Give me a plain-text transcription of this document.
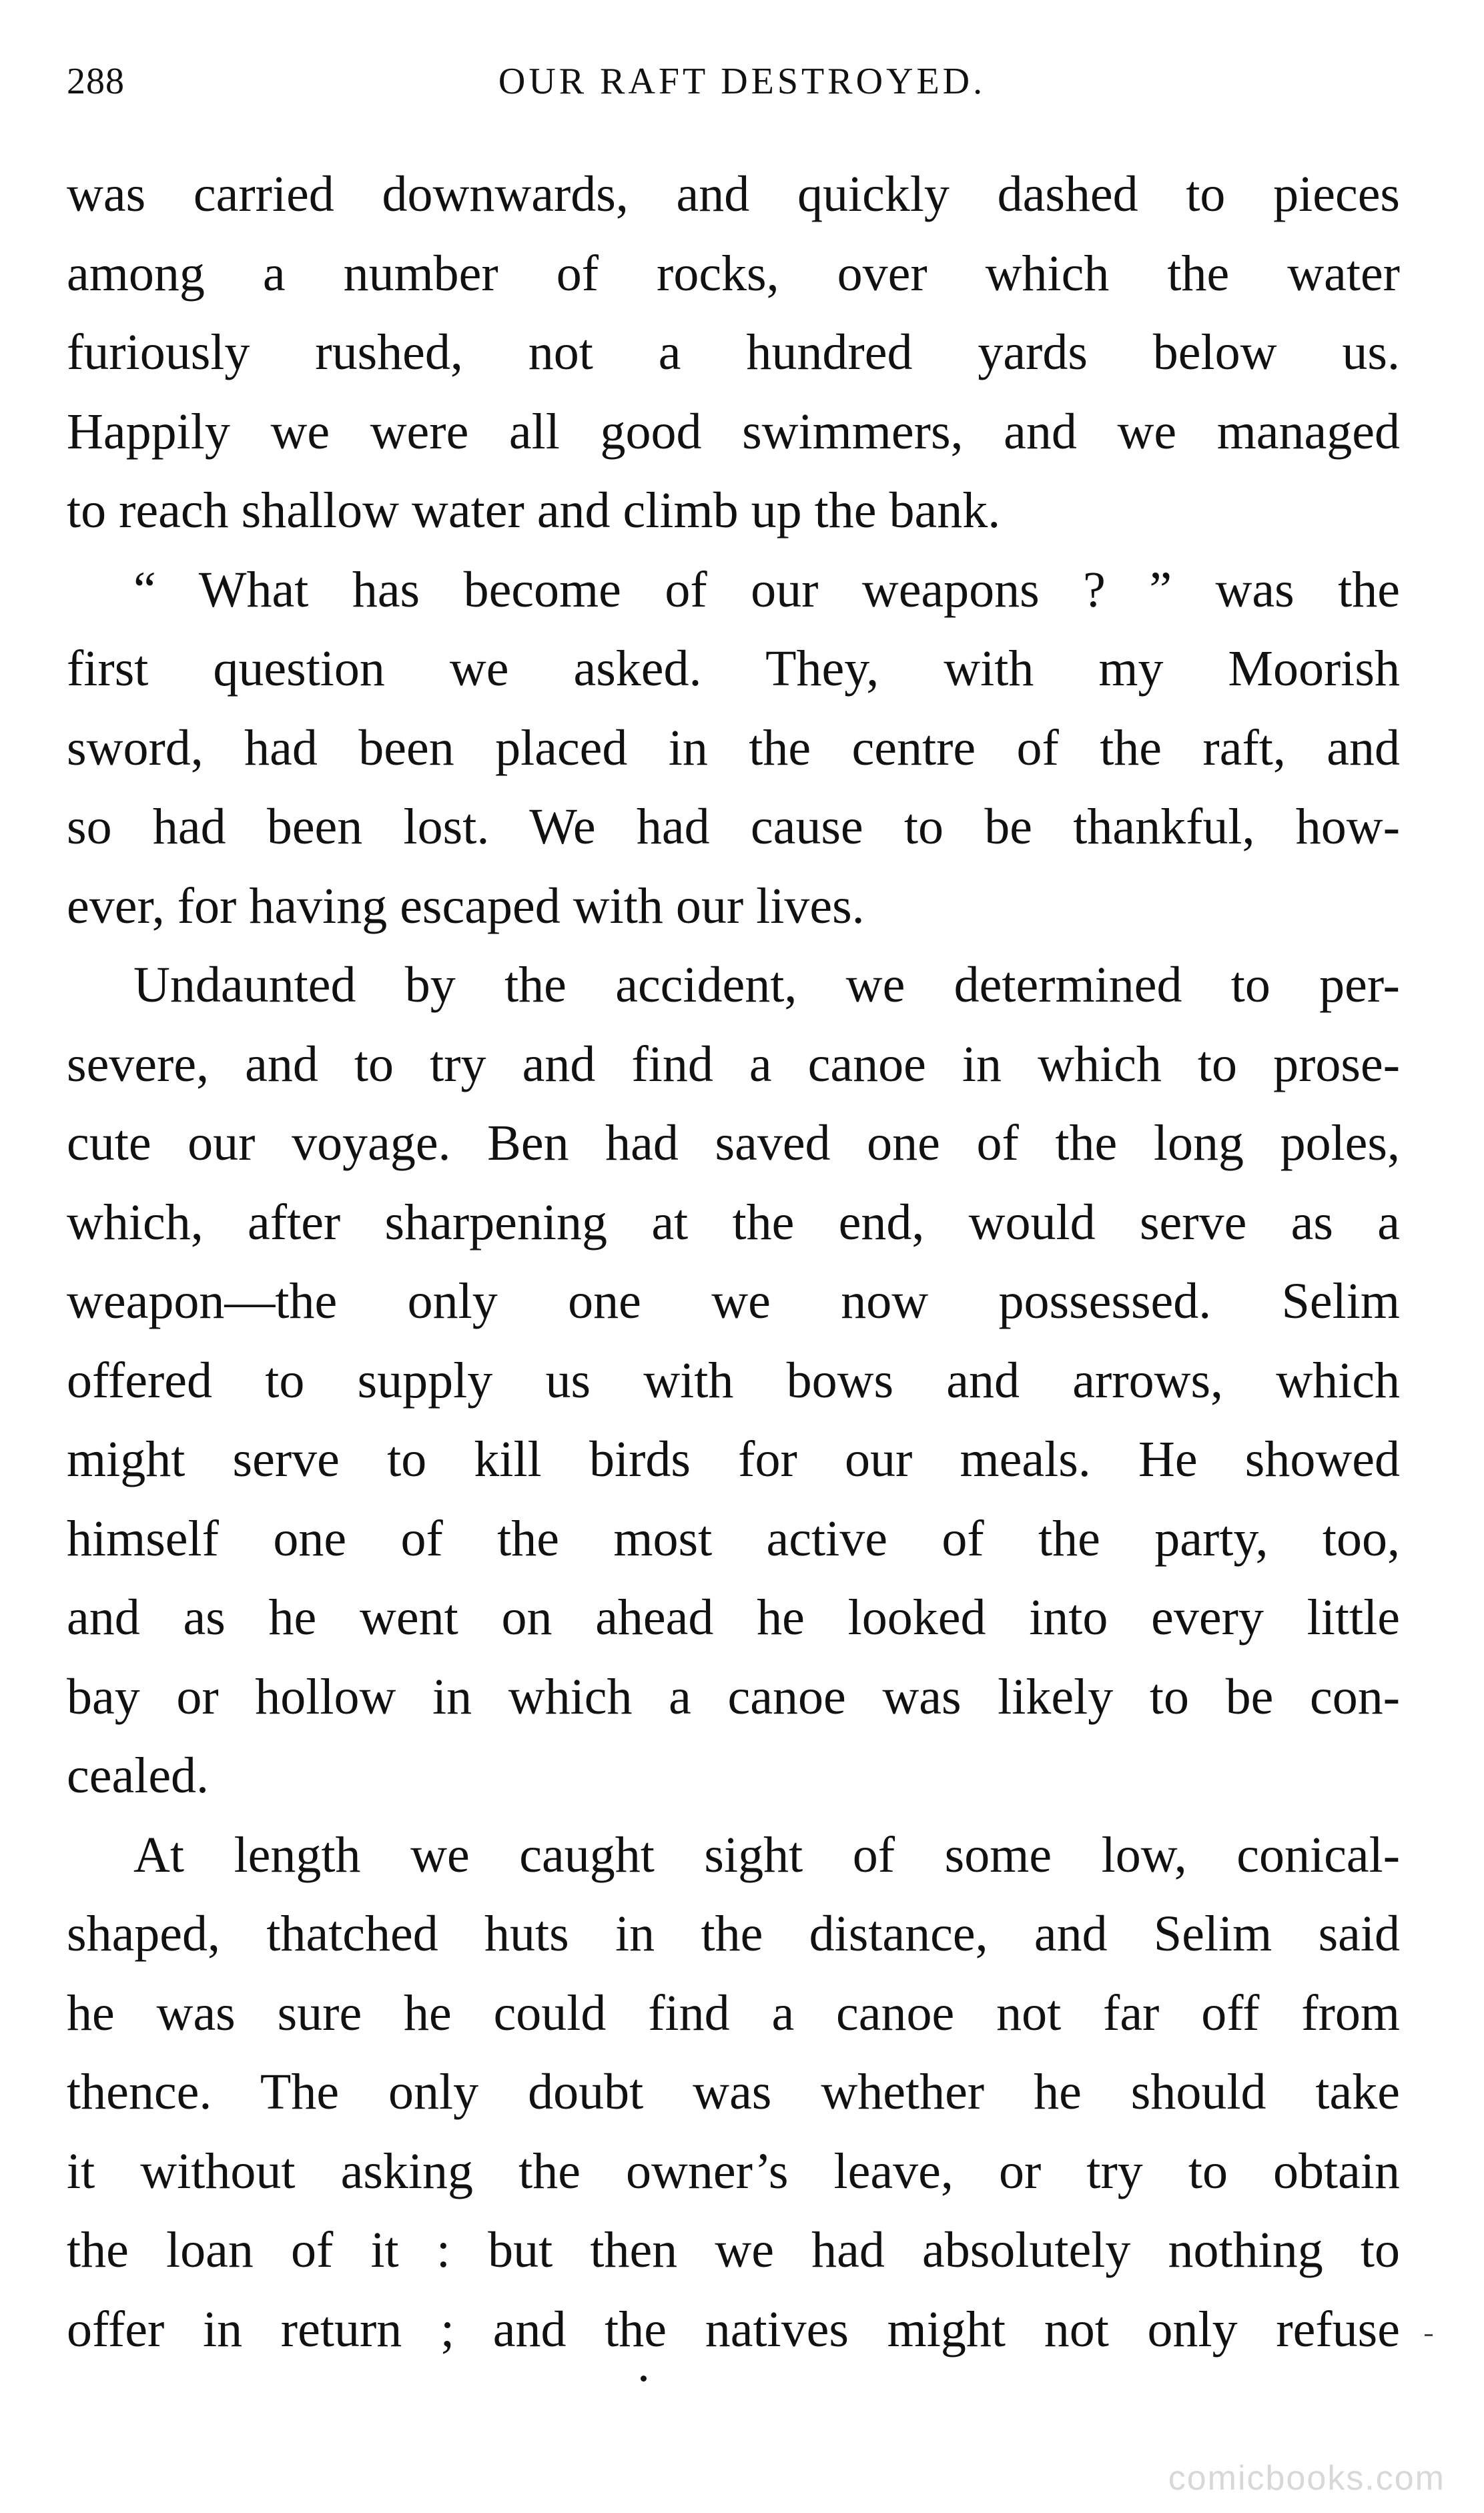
288	OUR RAFT DESTROYED.
was carried downwards, and quickly dashed to pieces
among a number of rocks, over which the water
furiously rushed, not a hundred yards below us.
Happily we were all good swimmers, and we managed
to reach shallow water and climb up the bank.
“ What has become of our weapons ? ” was the
first question we asked. They, with my Moorish
sword, had been placed in the centre of the raft, and
so had been lost. We had cause to be thankful, how-
ever, for having escaped with our lives.
Undaunted by the accident, we determined to per-
severe, and to try and find a canoe in which to prose-
cute our voyage. Ben had saved one of the long poles,
which, after sharpening at the end, would serve as a
weapon—the only one we now possessed. Selim
offered to supply us with bows and arrows, which
might serve to kill birds for our meals. He showed
himself one of the most active of the party, too,
and as he went on ahead he looked into every little
bay or hollow in which a canoe was likely to be con-
cealed.
At length we caught sight of some low, conical-
shaped, thatched huts in the distance, and Selim said
he was sure he could find a canoe not far off from
thence. The only doubt was whether he should take
it without asking the owner’s leave, or try to obtain
the loan of it : but then we had absolutely nothing to
offer in return ; and the natives might not only refuse
comicbooks.com
